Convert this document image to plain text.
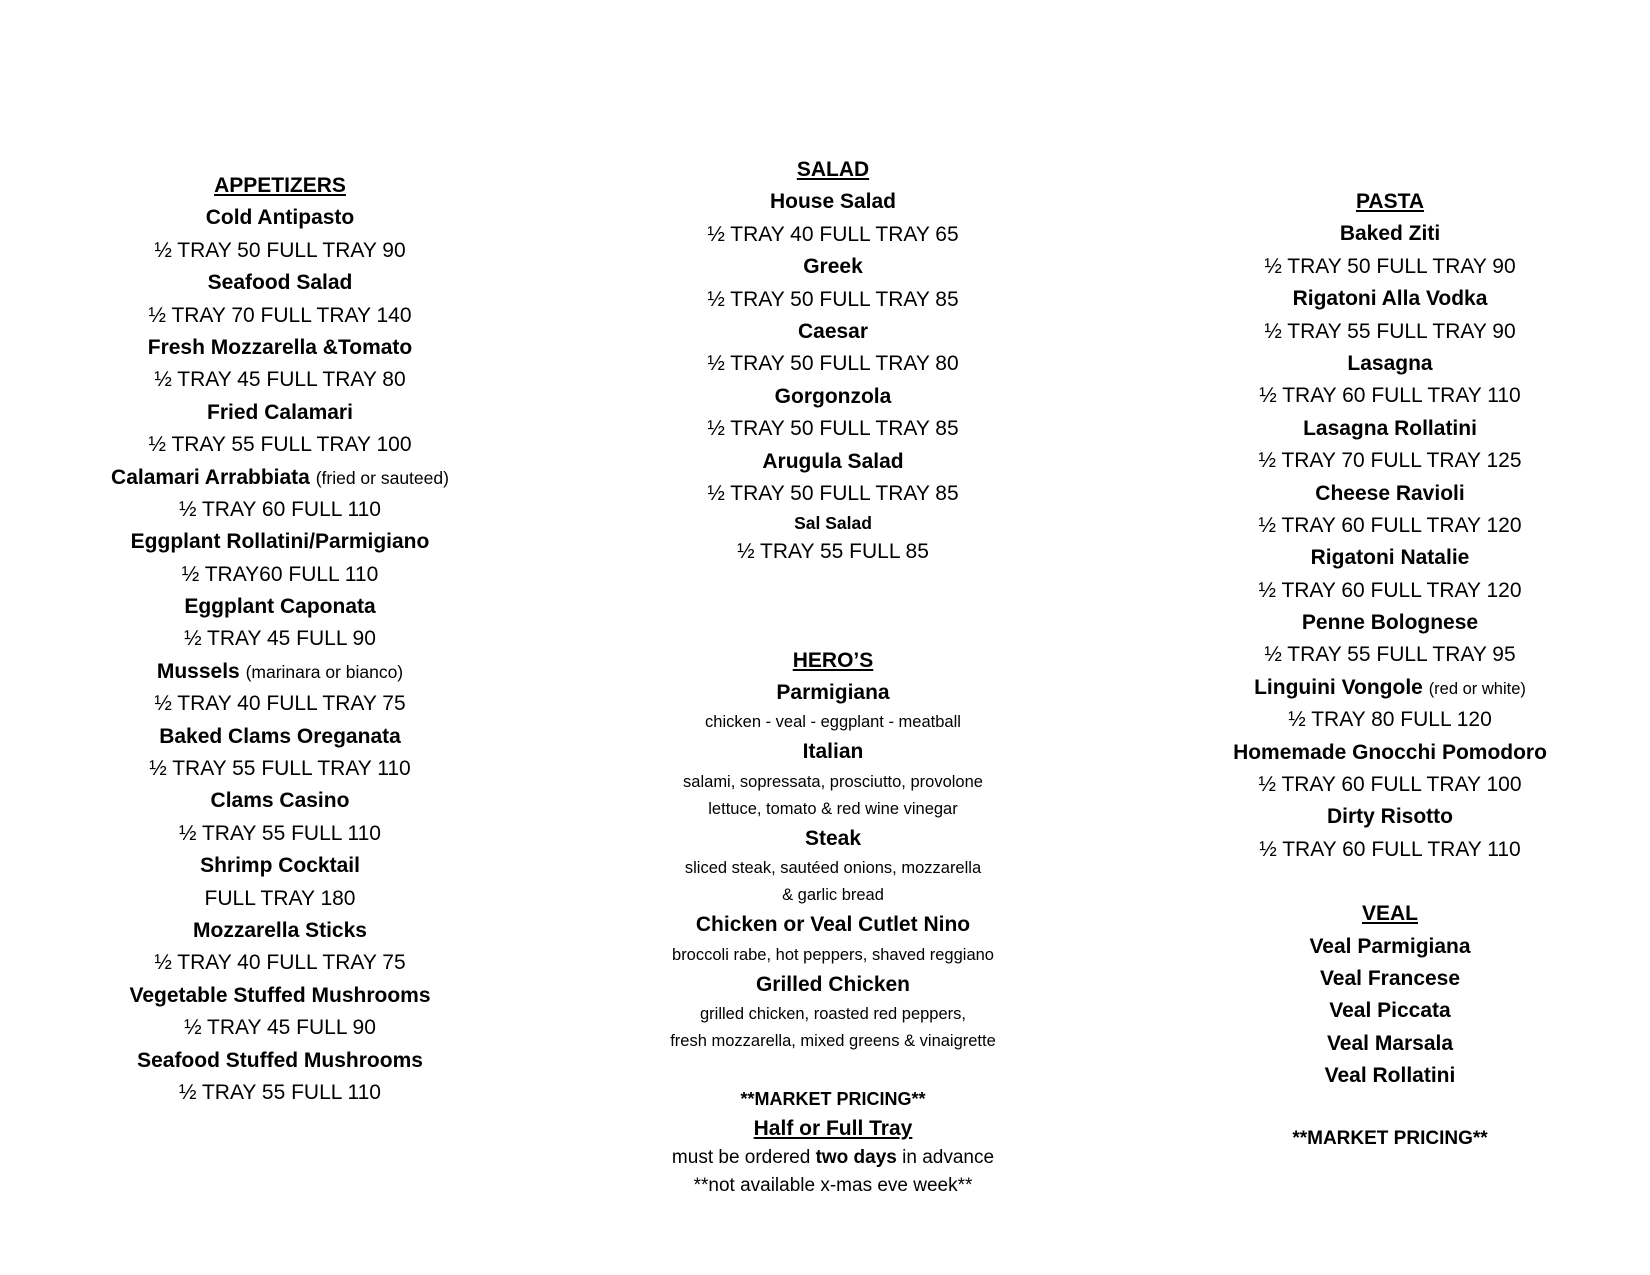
APPETIZERS
Cold Antipasto
½ TRAY 50 FULL TRAY 90
Seafood Salad
½ TRAY 70 FULL TRAY 140
Fresh Mozzarella &Tomato
½ TRAY 45 FULL TRAY 80
Fried Calamari
½ TRAY 55 FULL TRAY 100
Calamari Arrabbiata (fried or sauteed)
½ TRAY 60 FULL 110
Eggplant Rollatini/Parmigiano
½ TRAY60 FULL 110
Eggplant Caponata
½ TRAY 45 FULL 90
Mussels (marinara or bianco)
½ TRAY 40 FULL TRAY 75
Baked Clams Oreganata
½ TRAY 55 FULL TRAY 110
Clams Casino
½ TRAY 55 FULL 110
Shrimp Cocktail
FULL TRAY 180
Mozzarella Sticks
½ TRAY 40 FULL TRAY 75
Vegetable Stuffed Mushrooms
½ TRAY 45 FULL 90
Seafood Stuffed Mushrooms
½ TRAY 55 FULL 110
SALAD
House Salad
½ TRAY 40 FULL TRAY 65
Greek
½ TRAY 50 FULL TRAY 85
Caesar
½ TRAY 50 FULL TRAY 80
Gorgonzola
½ TRAY 50 FULL TRAY 85
Arugula Salad
½ TRAY 50 FULL TRAY 85
Sal Salad
½ TRAY 55 FULL 85
HERO’S
Parmigiana
chicken - veal - eggplant - meatball
Italian
salami, sopressata, prosciutto, provolone
lettuce, tomato & red wine vinegar
Steak
sliced steak, sautéed onions, mozzarella
& garlic bread
Chicken or Veal Cutlet Nino
broccoli rabe, hot peppers, shaved reggiano
Grilled Chicken
grilled chicken, roasted red peppers,
fresh mozzarella, mixed greens & vinaigrette
**MARKET PRICING**
Half or Full Tray
must be ordered two days in advance
**not available x-mas eve week**
PASTA
Baked Ziti
½ TRAY 50 FULL TRAY 90
Rigatoni Alla Vodka
½ TRAY 55 FULL TRAY 90
Lasagna
½ TRAY 60 FULL TRAY 110
Lasagna Rollatini
½ TRAY 70 FULL TRAY 125
Cheese Ravioli
½ TRAY 60 FULL TRAY 120
Rigatoni Natalie
½ TRAY 60 FULL TRAY 120
Penne Bolognese
½ TRAY 55 FULL TRAY 95
Linguini Vongole (red or white)
½ TRAY 80 FULL 120
Homemade Gnocchi Pomodoro
½ TRAY 60 FULL TRAY 100
Dirty Risotto
½ TRAY 60 FULL TRAY 110
VEAL
Veal Parmigiana
Veal Francese
Veal Piccata
Veal Marsala
Veal Rollatini
**MARKET PRICING**
